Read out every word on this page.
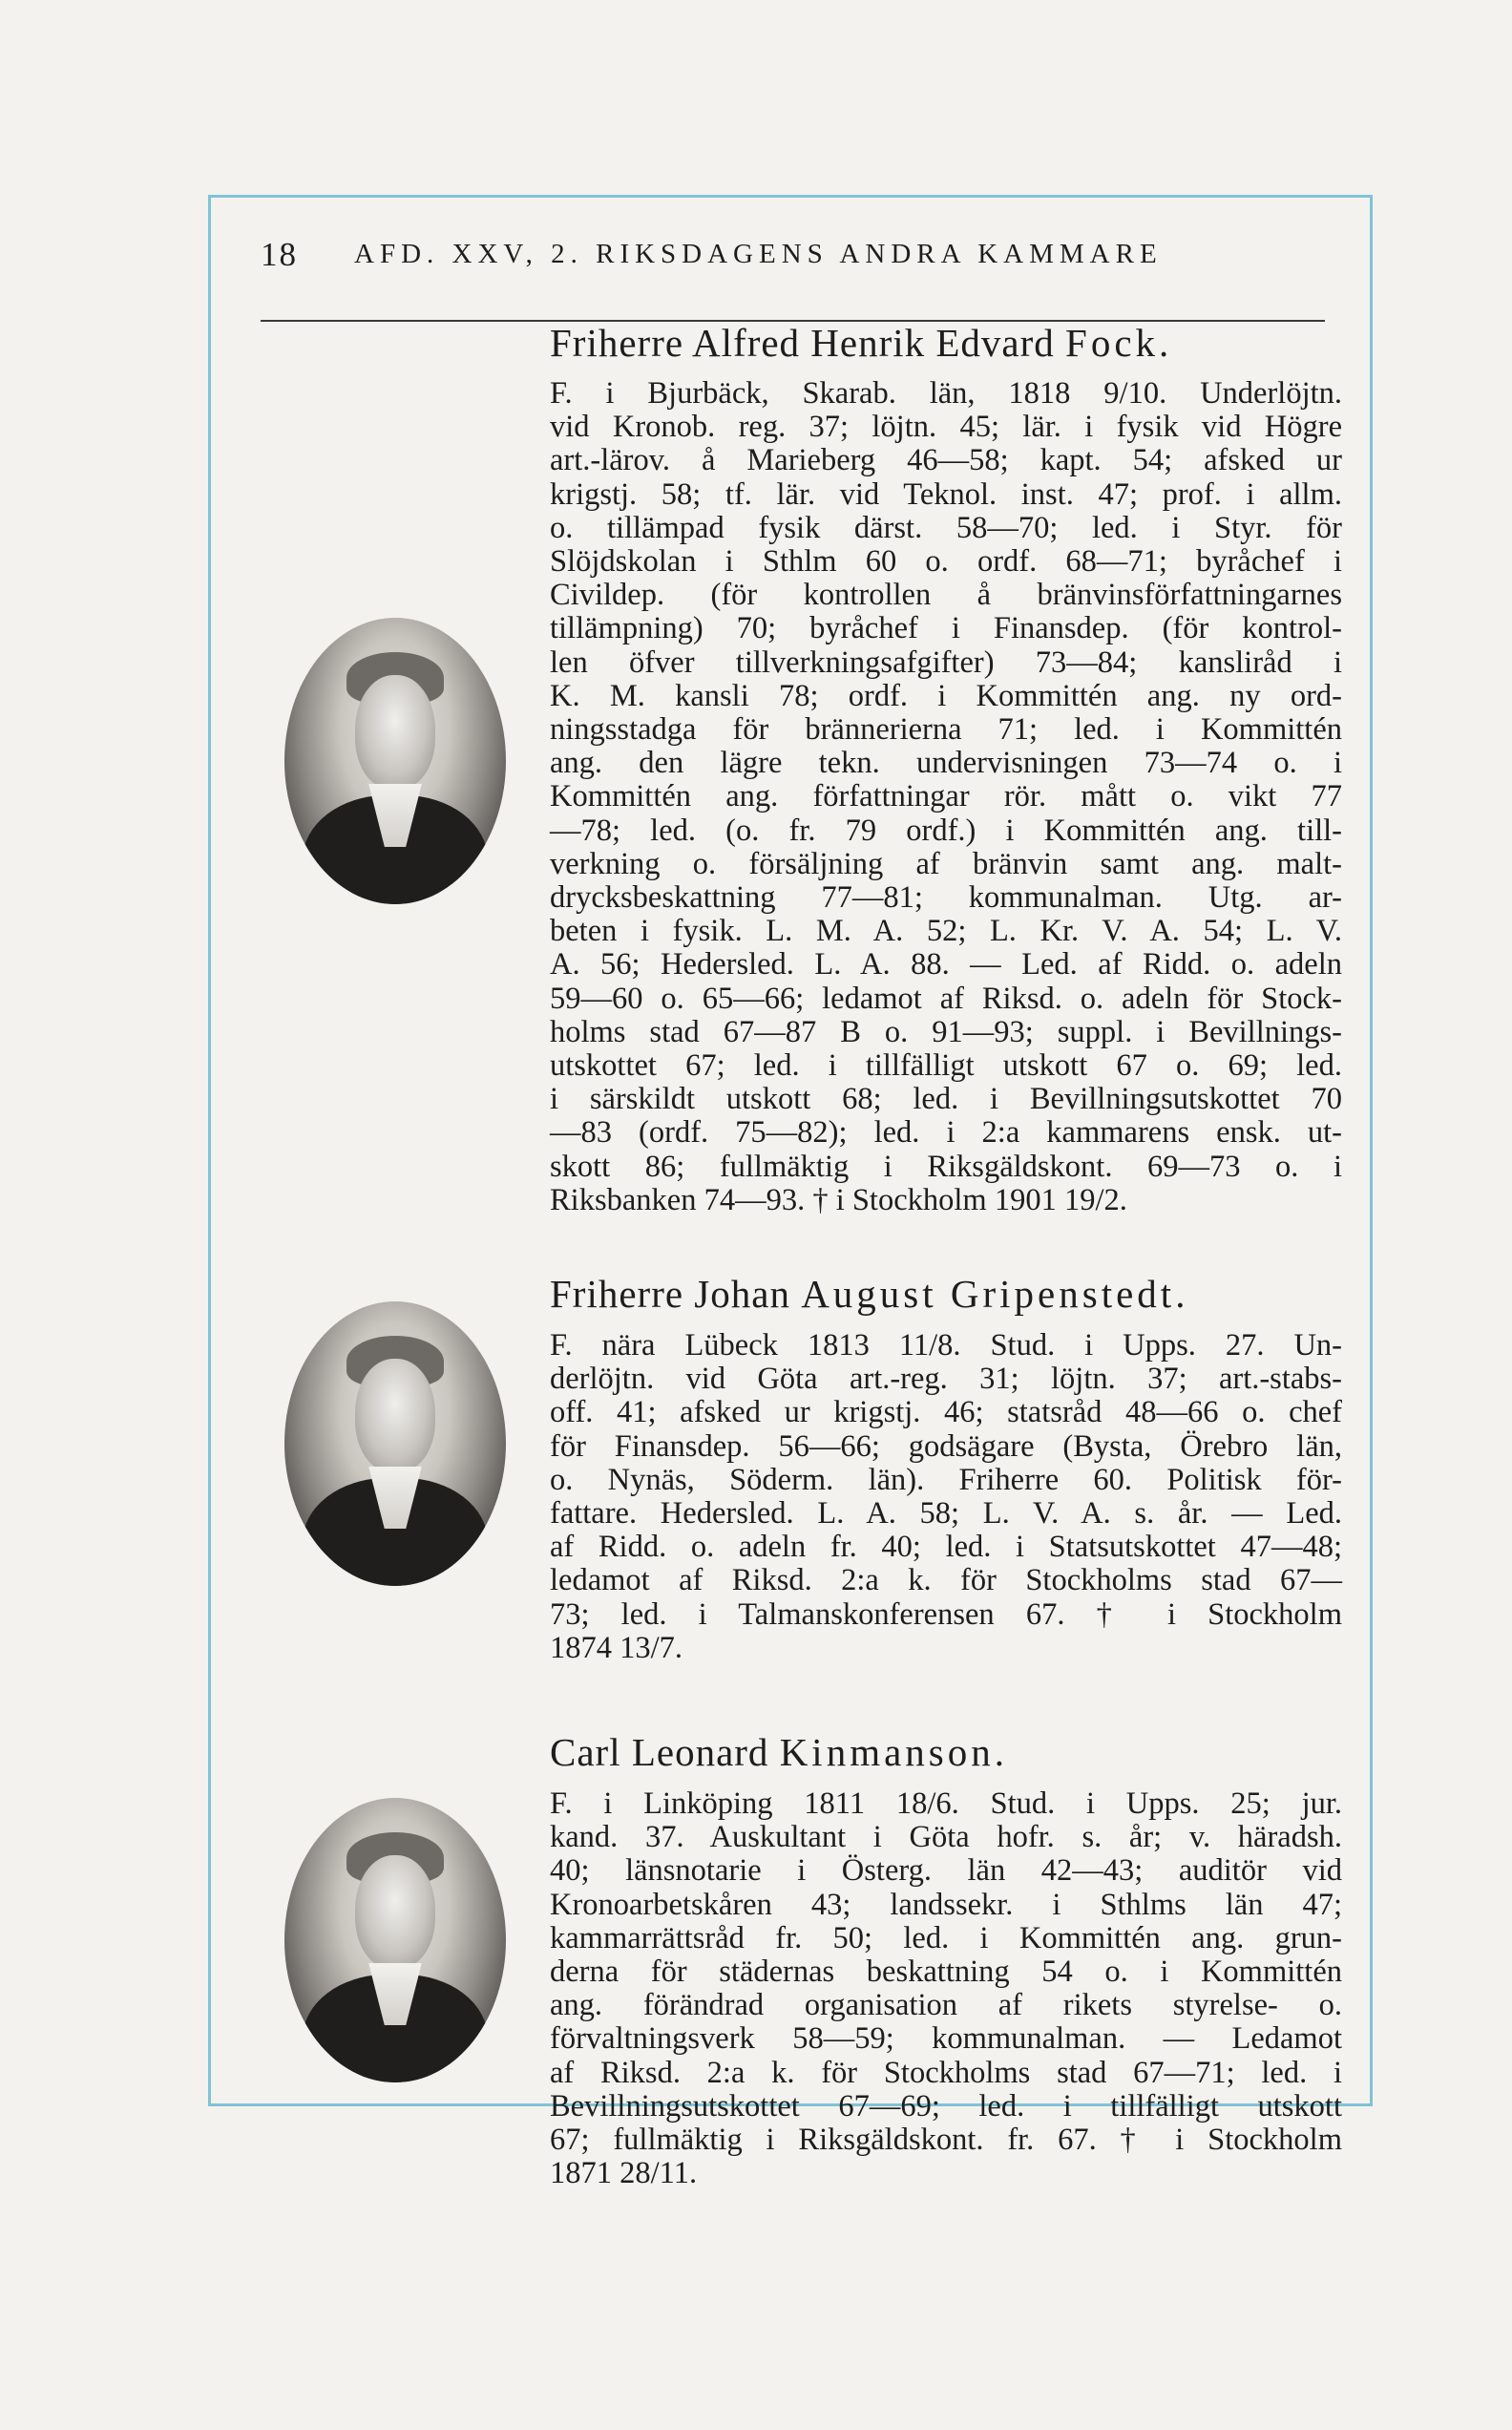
18 AFD. XXV, 2. RIKSDAGENS ANDRA KAMMARE
Friherre Alfred Henrik Edvard Fock.
F. i Bjurbäck, Skarab. län, 1818 9/10. Underlöjtn.
vid Kronob. reg. 37; löjtn. 45; lär. i fysik vid Högre
art.-lärov. å Marieberg 46—58; kapt. 54; afsked ur
krigstj. 58; tf. lär. vid Teknol. inst. 47; prof. i allm.
o. tillämpad fysik därst. 58—70; led. i Styr. för
Slöjdskolan i Sthlm 60 o. ordf. 68—71; byråchef i
Civildep. (för kontrollen å bränvinsförfattningarnes
tillämpning) 70; byråchef i Finansdep. (för kontrol-
len öfver tillverkningsafgifter) 73—84; kansliråd i
K. M. kansli 78; ordf. i Kommittén ang. ny ord-
ningsstadga för brännerierna 71; led. i Kommittén
ang. den lägre tekn. undervisningen 73—74 o. i
Kommittén ang. författningar rör. mått o. vikt 77
—78; led. (o. fr. 79 ordf.) i Kommittén ang. till-
verkning o. försäljning af bränvin samt ang. malt-
drycksbeskattning 77—81; kommunalman. Utg. ar-
beten i fysik. L. M. A. 52; L. Kr. V. A. 54; L. V.
A. 56; Hedersled. L. A. 88. — Led. af Ridd. o. adeln
59—60 o. 65—66; ledamot af Riksd. o. adeln för Stock-
holms stad 67—87 B o. 91—93; suppl. i Bevillnings-
utskottet 67; led. i tillfälligt utskott 67 o. 69; led.
i särskildt utskott 68; led. i Bevillningsutskottet 70
—83 (ordf. 75—82); led. i 2:a kammarens ensk. ut-
skott 86; fullmäktig i Riksgäldskont. 69—73 o. i
Riksbanken 74—93. † i Stockholm 1901 19/2.
Friherre Johan August Gripenstedt.
F. nära Lübeck 1813 11/8. Stud. i Upps. 27. Un-
derlöjtn. vid Göta art.-reg. 31; löjtn. 37; art.-stabs-
off. 41; afsked ur krigstj. 46; statsråd 48—66 o. chef
för Finansdep. 56—66; godsägare (Bysta, Örebro län,
o. Nynäs, Söderm. län). Friherre 60. Politisk för-
fattare. Hedersled. L. A. 58; L. V. A. s. år. — Led.
af Ridd. o. adeln fr. 40; led. i Statsutskottet 47—48;
ledamot af Riksd. 2:a k. för Stockholms stad 67—
73; led. i Talmanskonferensen 67. † i Stockholm
1874 13/7.
Carl Leonard Kinmanson.
F. i Linköping 1811 18/6. Stud. i Upps. 25; jur.
kand. 37. Auskultant i Göta hofr. s. år; v. häradsh.
40; länsnotarie i Österg. län 42—43; auditör vid
Kronoarbetskåren 43; landssekr. i Sthlms län 47;
kammarrättsråd fr. 50; led. i Kommittén ang. grun-
derna för städernas beskattning 54 o. i Kommittén
ang. förändrad organisation af rikets styrelse- o.
förvaltningsverk 58—59; kommunalman. — Ledamot
af Riksd. 2:a k. för Stockholms stad 67—71; led. i
Bevillningsutskottet 67—69; led. i tillfälligt utskott
67; fullmäktig i Riksgäldskont. fr. 67. † i Stockholm
1871 28/11.
